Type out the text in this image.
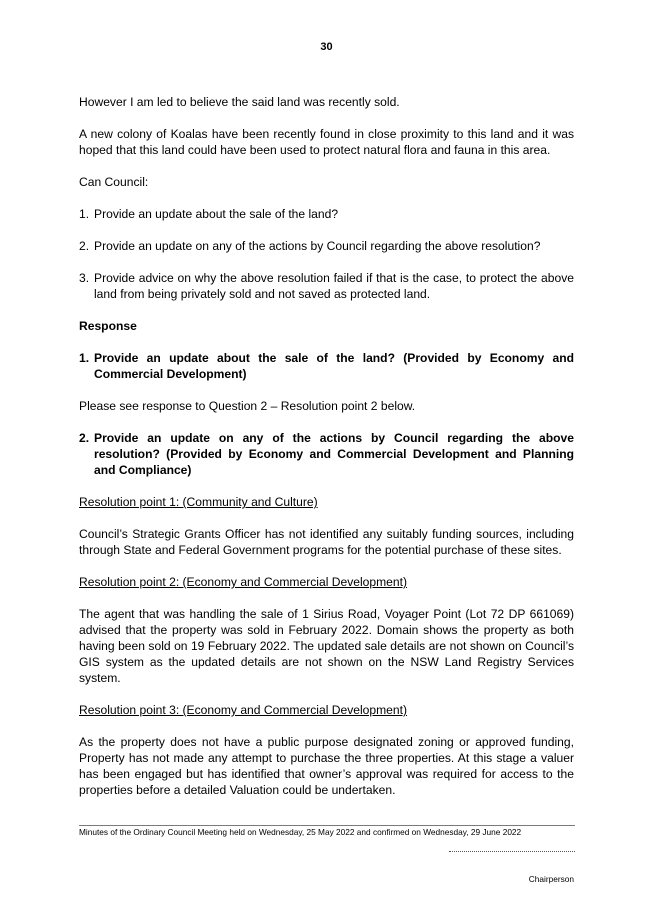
30

However I am led to believe the said land was recently sold.

A new colony of Koalas have been recently found in close proximity to this land and it was hoped that this land could have been used to protect natural flora and fauna in this area.

Can Council:

1. Provide an update about the sale of the land?
2. Provide an update on any of the actions by Council regarding the above resolution?
3. Provide advice on why the above resolution failed if that is the case, to protect the above land from being privately sold and not saved as protected land.

Response

1. Provide an update about the sale of the land? (Provided by Economy and Commercial Development)

Please see response to Question 2 – Resolution point 2 below.

2. Provide an update on any of the actions by Council regarding the above resolution? (Provided by Economy and Commercial Development and Planning and Compliance)

Resolution point 1: (Community and Culture)

Council’s Strategic Grants Officer has not identified any suitably funding sources, including through State and Federal Government programs for the potential purchase of these sites.

Resolution point 2: (Economy and Commercial Development)

The agent that was handling the sale of 1 Sirius Road, Voyager Point (Lot 72 DP 661069) advised that the property was sold in February 2022. Domain shows the property as both having been sold on 19 February 2022. The updated sale details are not shown on Council’s GIS system as the updated details are not shown on the NSW Land Registry Services system.

Resolution point 3: (Economy and Commercial Development)

As the property does not have a public purpose designated zoning or approved funding, Property has not made any attempt to purchase the three properties. At this stage a valuer has been engaged but has identified that owner’s approval was required for access to the properties before a detailed Valuation could be undertaken.

Minutes of the Ordinary Council Meeting held on Wednesday, 25 May 2022 and confirmed on Wednesday, 29 June 2022
Chairperson
